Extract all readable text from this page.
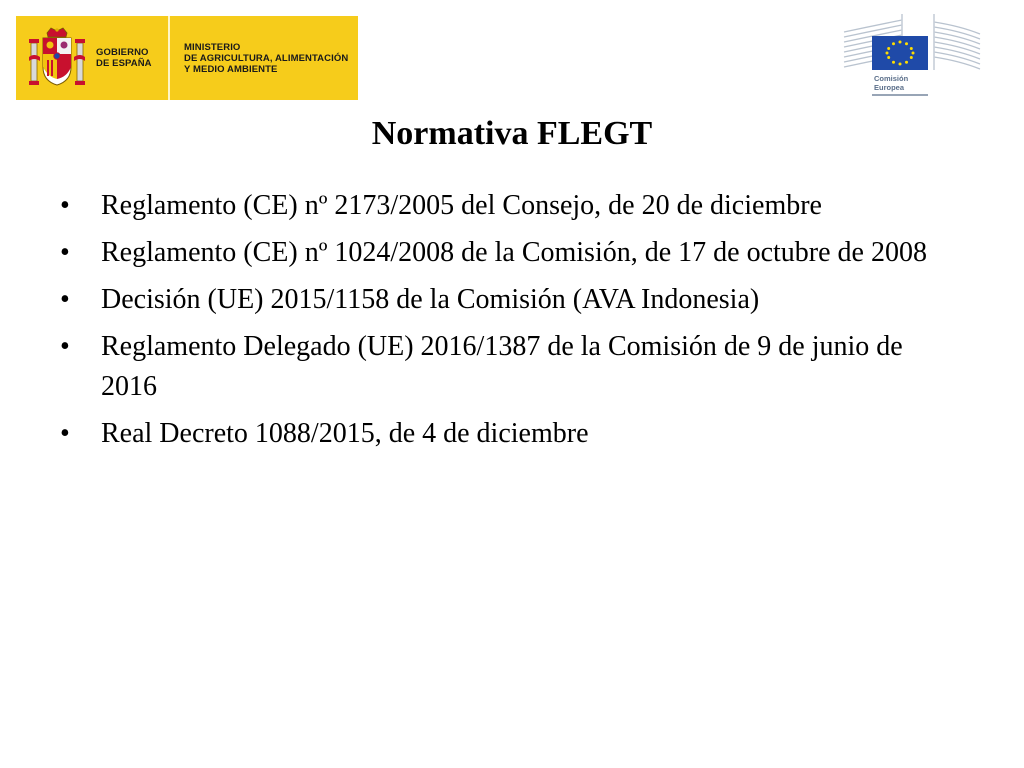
GOBIERNO
DE ESPAÑA
MINISTERIO
DE AGRICULTURA, ALIMENTACIÓN
Y MEDIO AMBIENTE
Comisión
Europea
Normativa FLEGT
•	Reglamento (CE) nº 2173/2005 del Consejo, de 20 de diciembre
•	Reglamento (CE) nº 1024/2008 de la Comisión, de 17 de octubre de 2008
•	Decisión (UE) 2015/1158 de la Comisión (AVA Indonesia)
•	Reglamento Delegado (UE) 2016/1387 de la Comisión de 9 de junio de 2016
•	Real Decreto 1088/2015, de 4 de diciembre
